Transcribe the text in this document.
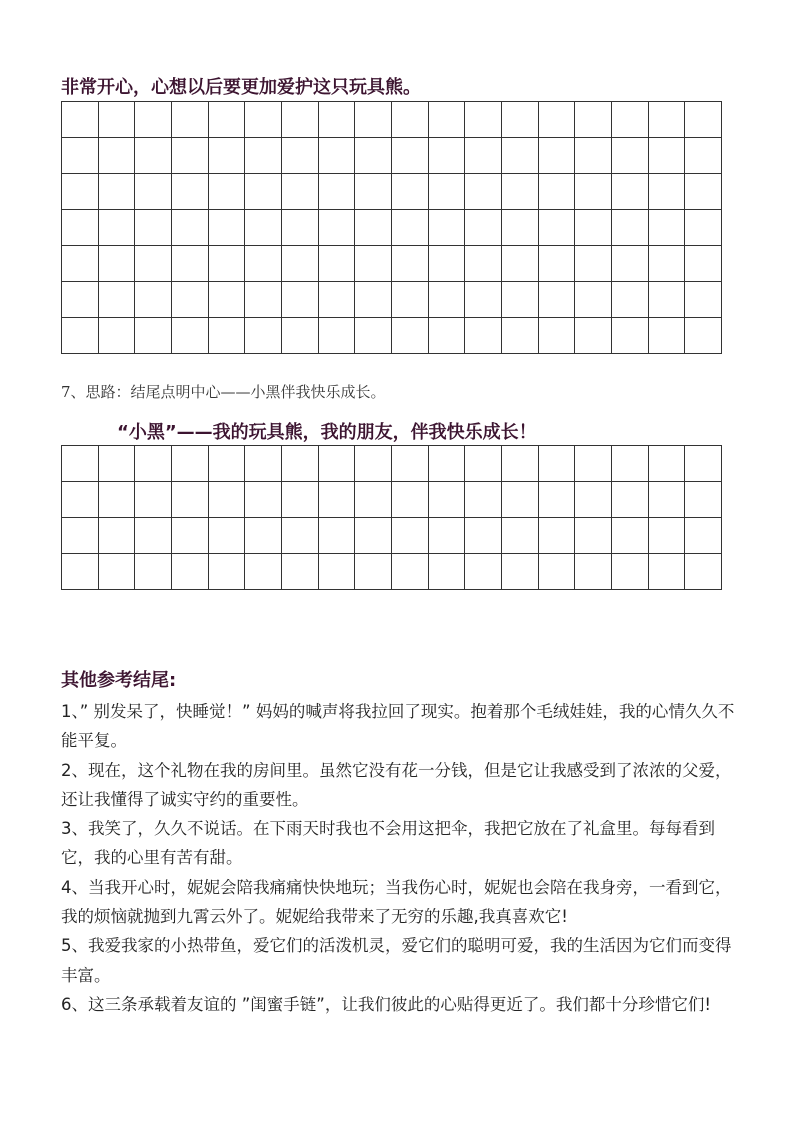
非常开心，心想以后要更加爱护这只玩具熊。

7、思路：结尾点明中心——小黑伴我快乐成长。

“小黑”——我的玩具熊，我的朋友，伴我快乐成长！
其他参考结尾:

1、” 别发呆了，快睡觉！” 妈妈的喊声将我拉回了现实。抱着那个毛绒娃娃，我的心情久久不能平复。

2、现在，这个礼物在我的房间里。虽然它没有花一分钱，但是它让我感受到了浓浓的父爱，还让我懂得了诚实守约的重要性。

3、我笑了，久久不说话。在下雨天时我也不会用这把伞，我把它放在了礼盒里。每每看到它，我的心里有苦有甜。

4、当我开心时，妮妮会陪我痛痛快快地玩；当我伤心时，妮妮也会陪在我身旁，一看到它，我的烦恼就抛到九霄云外了。妮妮给我带来了无穷的乐趣,我真喜欢它!

5、我爱我家的小热带鱼，爱它们的活泼机灵，爱它们的聪明可爱，我的生活因为它们而变得丰富。

6、这三条承载着友谊的 ”闺蜜手链”，让我们彼此的心贴得更近了。我们都十分珍惜它们!
